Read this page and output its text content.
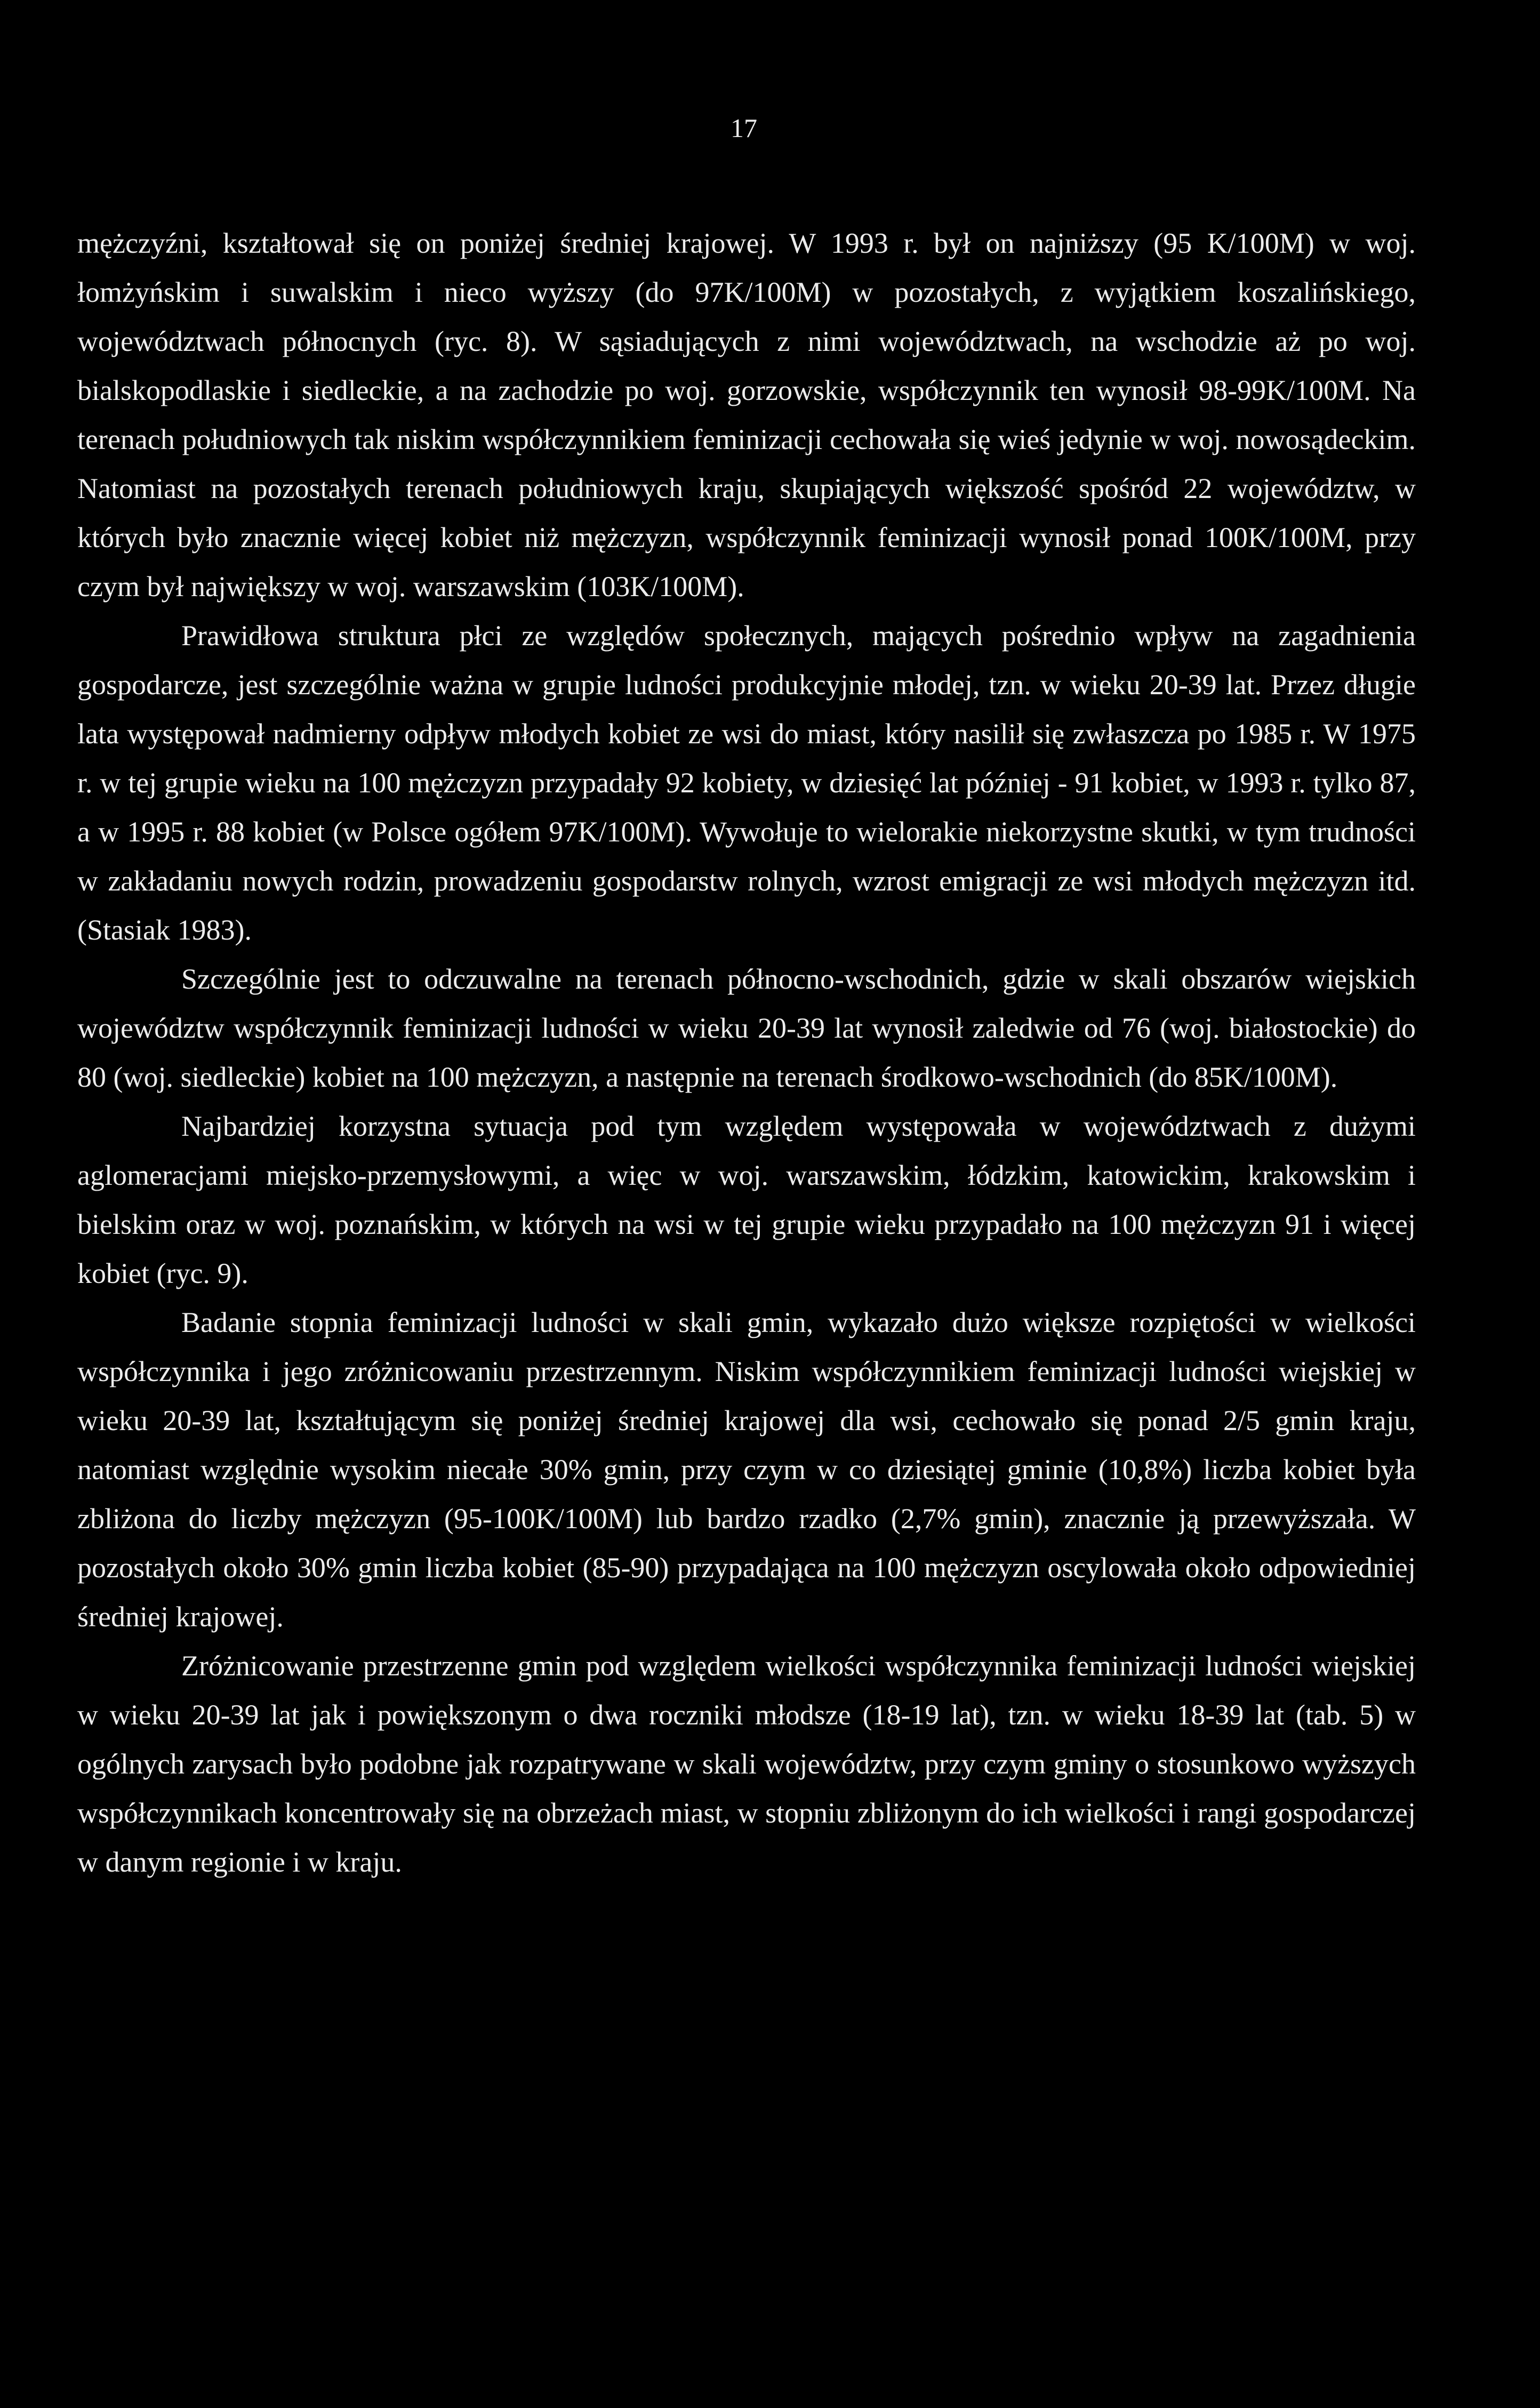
17

mężczyźni, kształtował się on poniżej średniej krajowej. W 1993 r. był on najniższy (95 K/100M) w woj. łomżyńskim i suwalskim i nieco wyższy (do 97K/100M) w pozostałych, z wyjątkiem koszalińskiego, województwach północnych (ryc. 8). W sąsiadujących z nimi województwach, na wschodzie aż po woj. bialskopodlaskie i siedleckie, a na zachodzie po woj. gorzowskie, współczynnik ten wynosił 98-99K/100M. Na terenach południowych tak niskim współczynnikiem feminizacji cechowała się wieś jedynie w woj. nowosądeckim. Natomiast na pozostałych terenach południowych kraju, skupiających większość spośród 22 województw, w których było znacznie więcej kobiet niż mężczyzn, współczynnik feminizacji wynosił ponad 100K/100M, przy czym był największy w woj. warszawskim (103K/100M).

Prawidłowa struktura płci ze względów społecznych, mających pośrednio wpływ na zagadnienia gospodarcze, jest szczególnie ważna w grupie ludności produkcyjnie młodej, tzn. w wieku 20-39 lat. Przez długie lata występował nadmierny odpływ młodych kobiet ze wsi do miast, który nasilił się zwłaszcza po 1985 r. W 1975 r. w tej grupie wieku na 100 mężczyzn przypadały 92 kobiety, w dziesięć lat później - 91 kobiet, w 1993 r. tylko 87, a w 1995 r. 88 kobiet (w Polsce ogółem 97K/100M). Wywołuje to wielorakie niekorzystne skutki, w tym trudności w zakładaniu nowych rodzin, prowadzeniu gospodarstw rolnych, wzrost emigracji ze wsi młodych mężczyzn itd. (Stasiak 1983).

Szczególnie jest to odczuwalne na terenach północno-wschodnich, gdzie w skali obszarów wiejskich województw współczynnik feminizacji ludności w wieku 20-39 lat wynosił zaledwie od 76 (woj. białostockie) do 80 (woj. siedleckie) kobiet na 100 mężczyzn, a następnie na terenach środkowo-wschodnich (do 85K/100M).

Najbardziej korzystna sytuacja pod tym względem występowała w województwach z dużymi aglomeracjami miejsko-przemysłowymi, a więc w woj. warszawskim, łódzkim, katowickim, krakowskim i bielskim oraz w woj. poznańskim, w których na wsi w tej grupie wieku przypadało na 100 mężczyzn 91 i więcej kobiet (ryc. 9).

Badanie stopnia feminizacji ludności w skali gmin, wykazało dużo większe rozpiętości w wielkości współczynnika i jego zróżnicowaniu przestrzennym. Niskim współczynnikiem feminizacji ludności wiejskiej w wieku 20-39 lat, kształtującym się poniżej średniej krajowej dla wsi, cechowało się ponad 2/5 gmin kraju, natomiast względnie wysokim niecałe 30% gmin, przy czym w co dziesiątej gminie (10,8%) liczba kobiet była zbliżona do liczby mężczyzn (95-100K/100M) lub bardzo rzadko (2,7% gmin), znacznie ją przewyższała. W pozostałych około 30% gmin liczba kobiet (85-90) przypadająca na 100 mężczyzn oscylowała około odpowiedniej średniej krajowej.

Zróżnicowanie przestrzenne gmin pod względem wielkości współczynnika feminizacji ludności wiejskiej w wieku 20-39 lat jak i powiększonym o dwa roczniki młodsze (18-19 lat), tzn. w wieku 18-39 lat (tab. 5) w ogólnych zarysach było podobne jak rozpatrywane w skali województw, przy czym gminy o stosunkowo wyższych współczynnikach koncentrowały się na obrzeżach miast, w stopniu zbliżonym do ich wielkości i rangi gospodarczej w danym regionie i w kraju.
